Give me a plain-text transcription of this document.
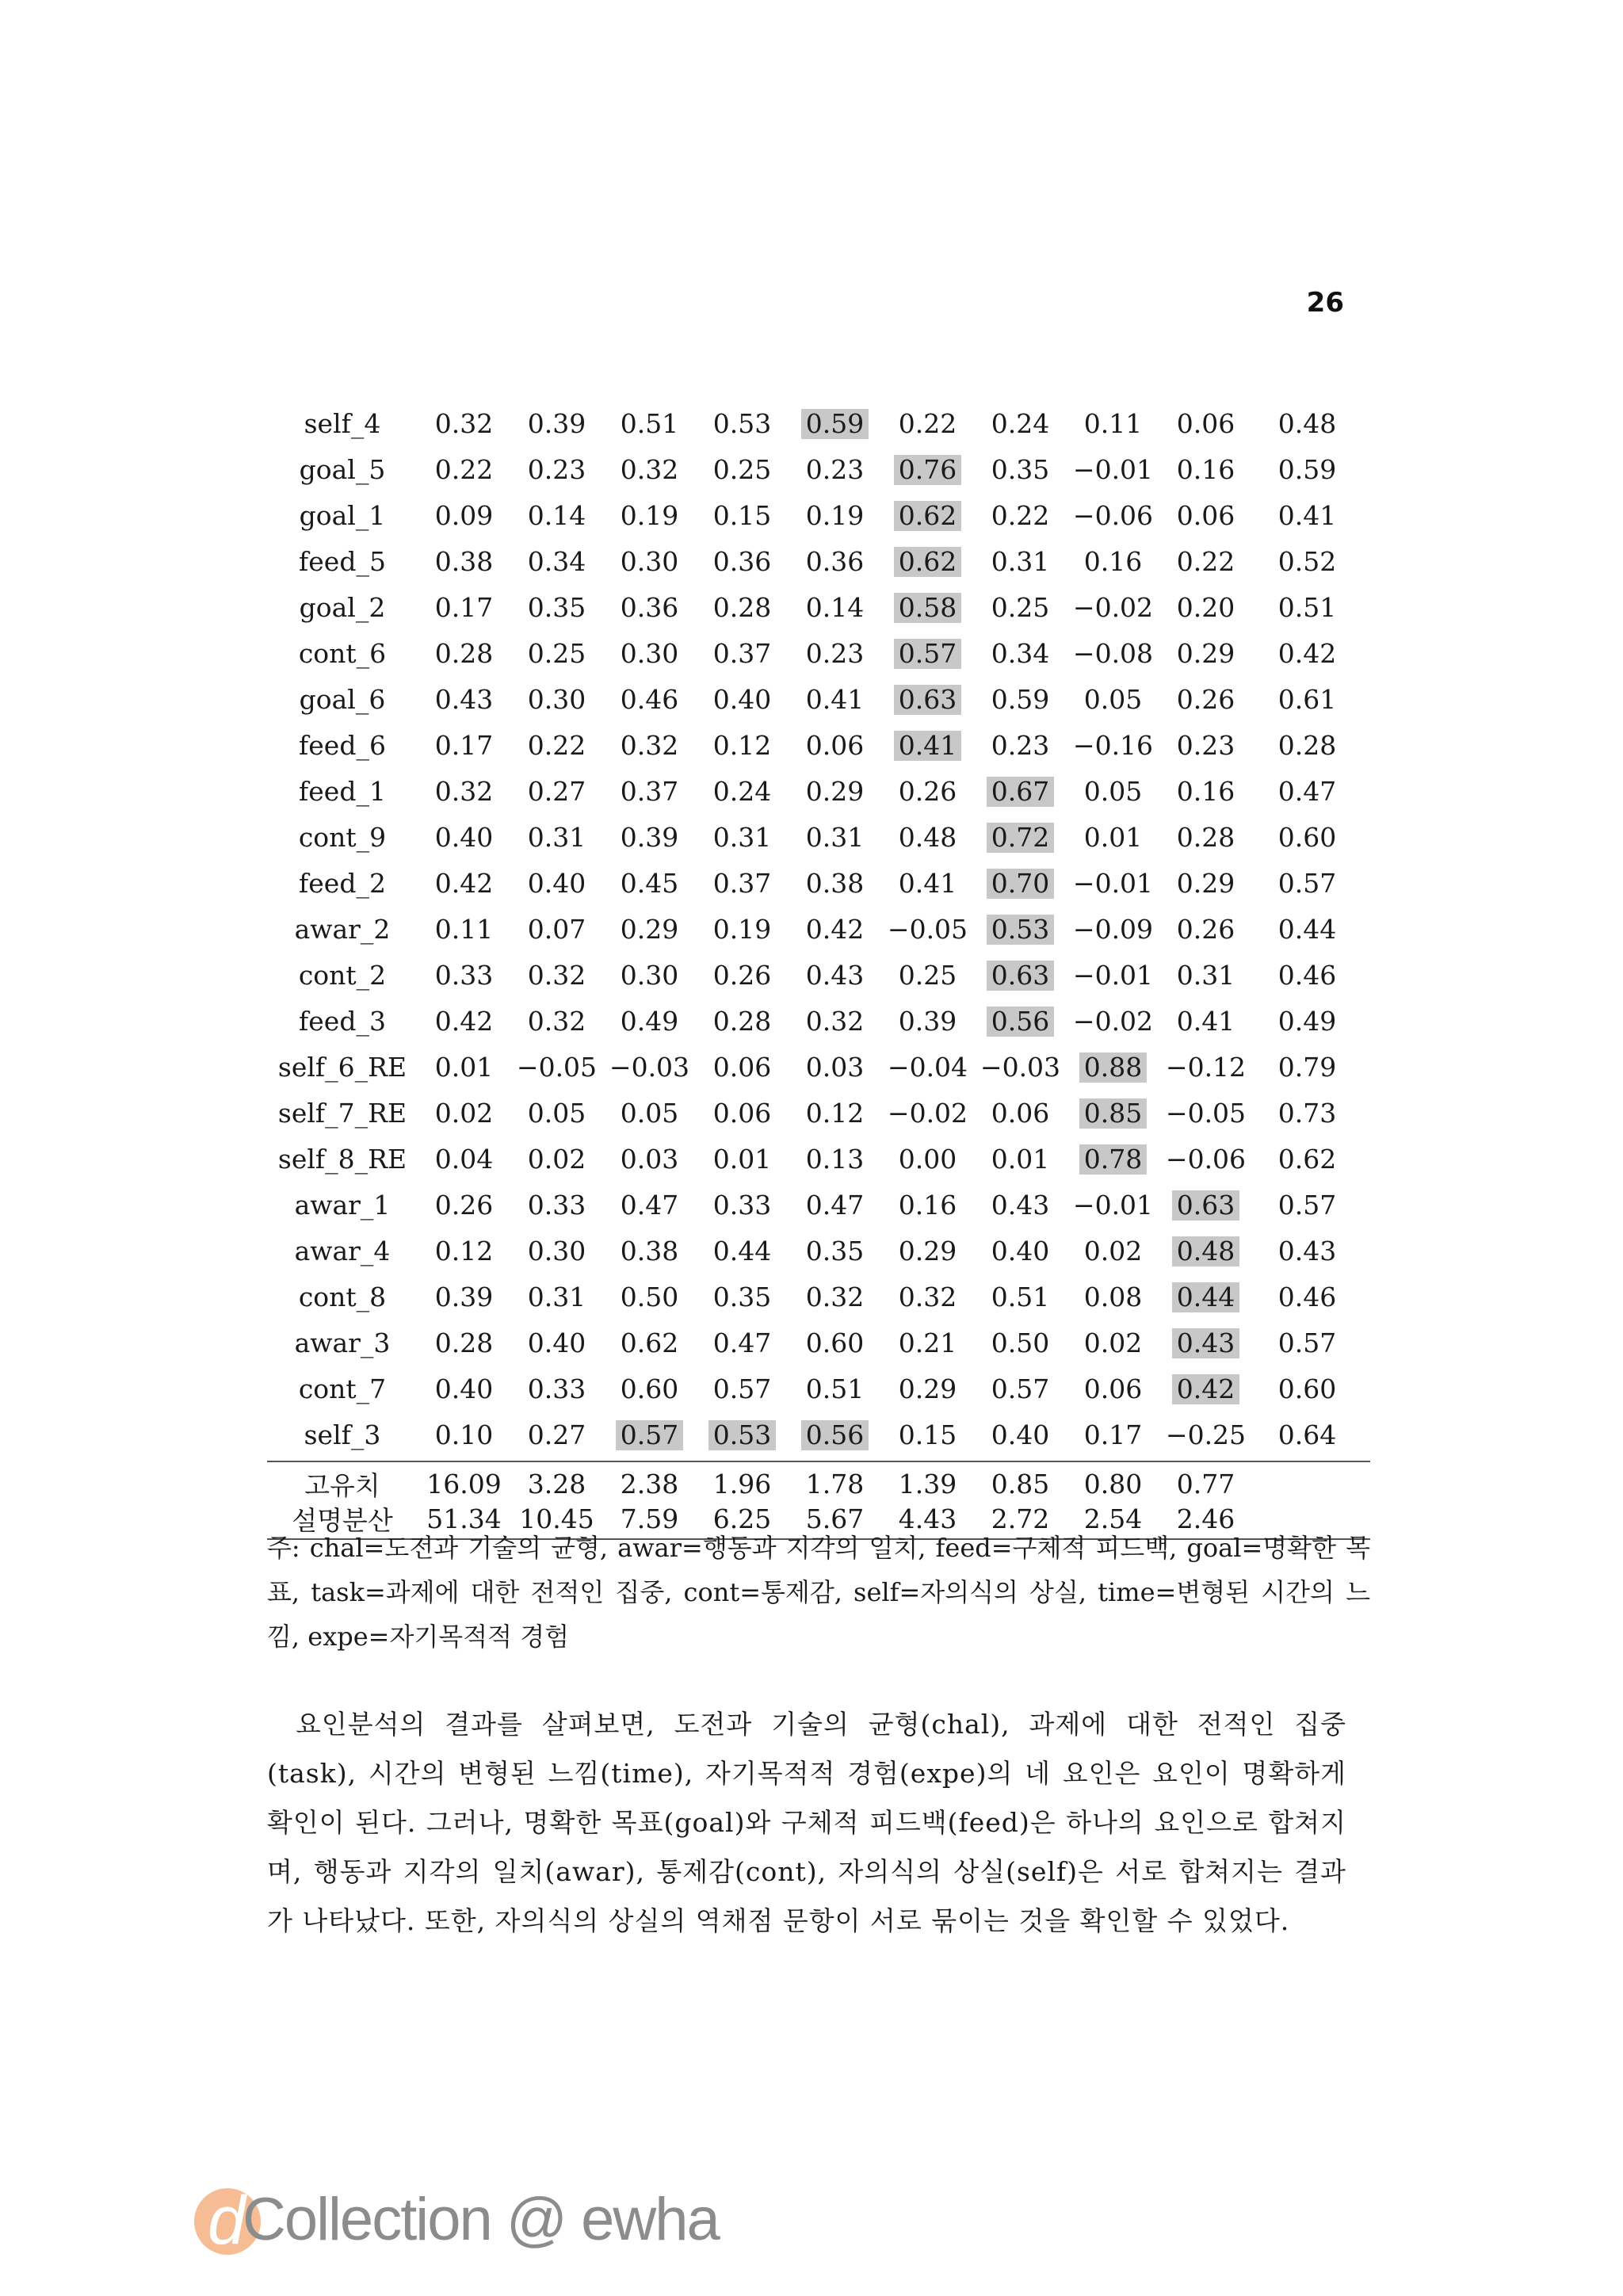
26
self_4	0.32	0.39	0.51	0.53	0.59	0.22	0.24	0.11	0.06	0.48
goal_5	0.22	0.23	0.32	0.25	0.23	0.76	0.35 −0.01 0.16	0.59
goal_1	0.09	0.14	0.19	0.15	0.19	0.62	0.22 −0.06 0.06	0.41
feed_5	0.38	0.34	0.30	0.36	0.36	0.62	0.31	0.16	0.22	0.52
goal_2	0.17	0.35	0.36	0.28	0.14	0.58	0.25 −0.02 0.20	0.51
cont_6	0.28	0.25	0.30	0.37	0.23	0.57	0.34 −0.08 0.29	0.42
goal_6	0.43	0.30	0.46	0.40	0.41	0.63	0.59	0.05	0.26	0.61
feed_6	0.17	0.22	0.32	0.12	0.06	0.41	0.23 −0.16 0.23	0.28
feed_1	0.32	0.27	0.37	0.24	0.29	0.26	0.67	0.05	0.16	0.47
cont_9	0.40	0.31	0.39	0.31	0.31	0.48	0.72	0.01	0.28	0.60
feed_2	0.42	0.40	0.45	0.37	0.38	0.41	0.70 −0.01 0.29	0.57
awar_2	0.11	0.07	0.29	0.19	0.42 −0.05 0.53 −0.09 0.26	0.44
cont_2	0.33	0.32	0.30	0.26	0.43	0.25	0.63 −0.01 0.31	0.46
feed_3	0.42	0.32	0.49	0.28	0.32	0.39	0.56 −0.02 0.41	0.49
self_6_RE	0.01 −0.05 −0.03 0.06	0.03 −0.04 −0.03 0.88 −0.12	0.79
self_7_RE	0.02	0.05	0.05	0.06	0.12 −0.02 0.06	0.85 −0.05	0.73
self_8_RE	0.04	0.02	0.03	0.01	0.13	0.00	0.01	0.78 −0.06	0.62
awar_1	0.26	0.33	0.47	0.33	0.47	0.16	0.43 −0.01 0.63	0.57
awar_4	0.12	0.30	0.38	0.44	0.35	0.29	0.40	0.02	0.48	0.43
cont_8	0.39	0.31	0.50	0.35	0.32	0.32	0.51	0.08	0.44	0.46
awar_3	0.28	0.40	0.62	0.47	0.60	0.21	0.50	0.02	0.43	0.57
cont_7	0.40	0.33	0.60	0.57	0.51	0.29	0.57	0.06	0.42	0.60
self_3	0.10	0.27	0.57	0.53	0.56	0.15	0.40	0.17 −0.25	0.64
고유치	16.09	3.28	2.38	1.96	1.78	1.39	0.85	0.80	0.77
설명분산	51.34 10.45	7.59	6.25	5.67	4.43	2.72	2.54	2.46
주: chal=도전과 기술의 균형, awar=행동과 지각의 일치, feed=구체적 피드백, goal=명확한 목표, task=과제에 대한 전적인 집중, cont=통제감, self=자의식의 상실, time=변형된 시간의 느낌, expe=자기목적적 경험
요인분석의 결과를 살펴보면, 도전과 기술의 균형(chal), 과제에 대한 전적인 집중(task), 시간의 변형된 느낌(time), 자기목적적 경험(expe)의 네 요인은 요인이 명확하게 확인이 된다. 그러나, 명확한 목표(goal)와 구체적 피드백(feed)은 하나의 요인으로 합쳐지며, 행동과 지각의 일치(awar), 통제감(cont), 자의식의 상실(self)은 서로 합쳐지는 결과가 나타났다. 또한, 자의식의 상실의 역채점 문항이 서로 묶이는 것을 확인할 수 있었다.
d
Collection @ ewha
